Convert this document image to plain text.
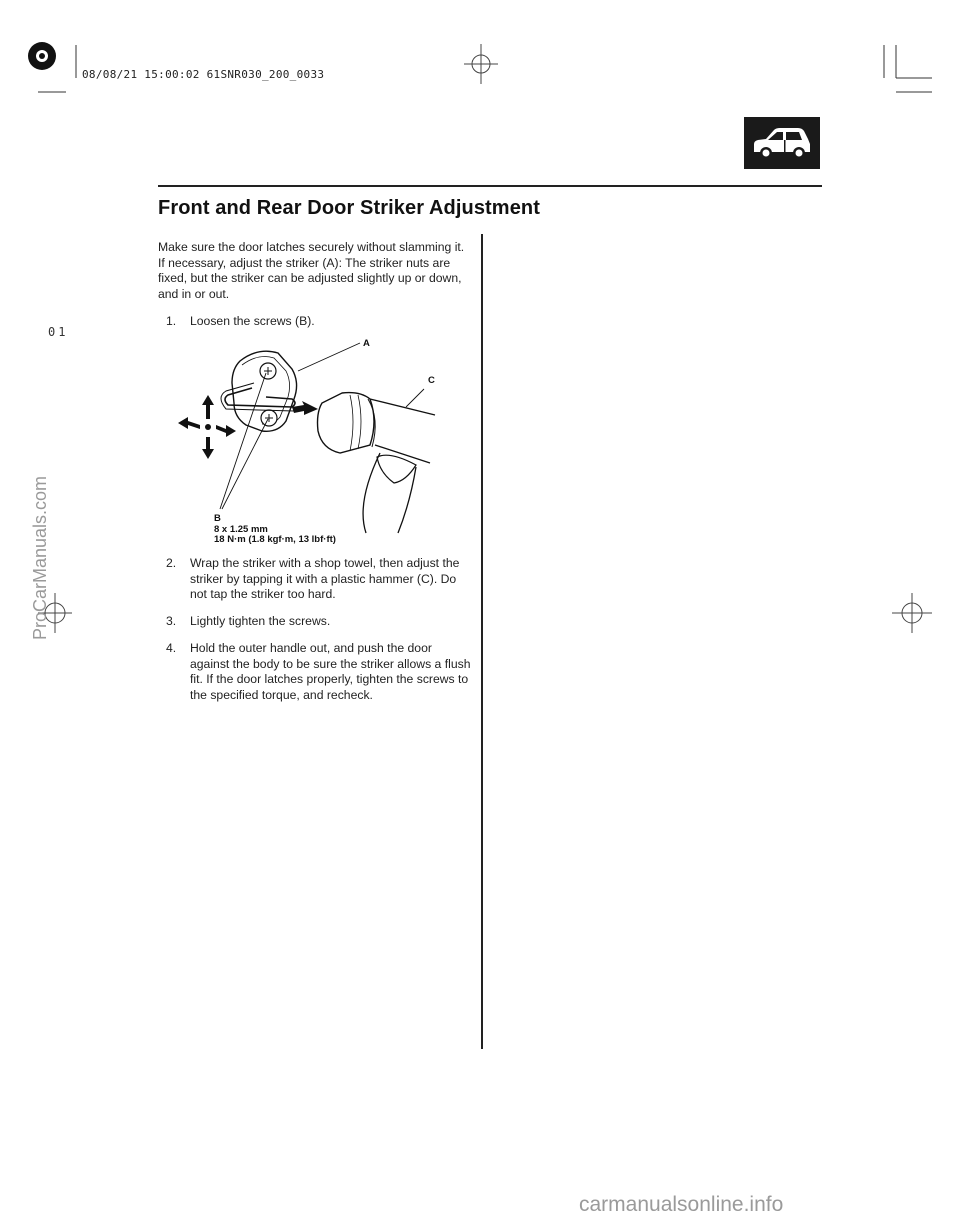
08/08/21 15:00:02 61SNR030_200_0033
Front and Rear Door Striker Adjustment
Make sure the door latches securely without slamming it. If necessary, adjust the striker (A): The striker nuts are fixed, but the striker can be adjusted slightly up or down, and in or out.
1. Loosen the screws (B).
A
C
B
8 x 1.25 mm
18 N·m (1.8 kgf·m, 13 lbf·ft)
2. Wrap the striker with a shop towel, then adjust the striker by tapping it with a plastic hammer (C). Do not tap the striker too hard.
3. Lightly tighten the screws.
4. Hold the outer handle out, and push the door against the body to be sure the striker allows a flush fit. If the door latches properly, tighten the screws to the specified torque, and recheck.
01
ProCarManuals.com
carmanualsonline.info
